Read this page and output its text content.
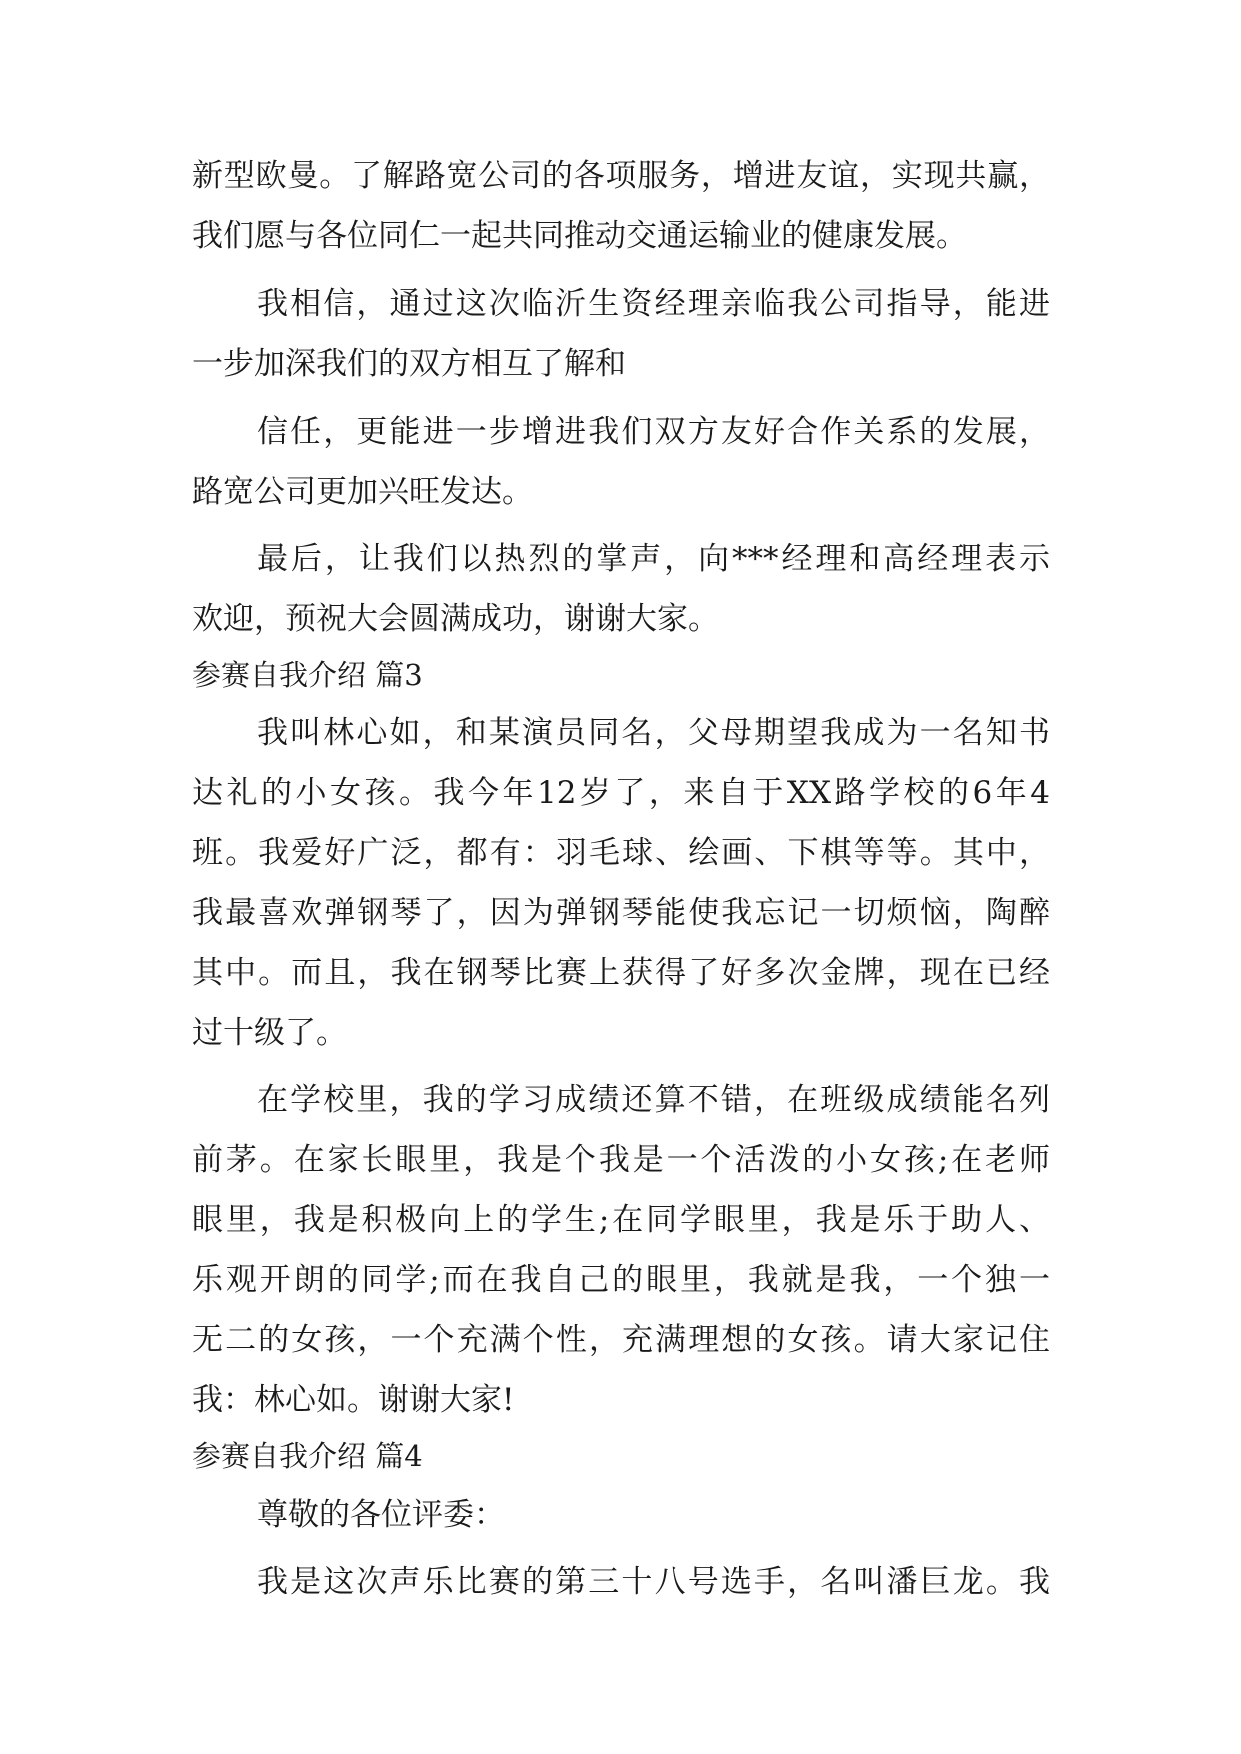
新型欧曼。了解路宽公司的各项服务，增进友谊，实现共赢，

我们愿与各位同仁一起共同推动交通运输业的健康发展。

我相信，通过这次临沂生资经理亲临我公司指导，能进

一步加深我们的双方相互了解和

信任，更能进一步增进我们双方友好合作关系的发展，

路宽公司更加兴旺发达。

最后，让我们以热烈的掌声，向***经理和高经理表示

欢迎，预祝大会圆满成功，谢谢大家。

参赛自我介绍 篇3

我叫林心如，和某演员同名，父母期望我成为一名知书

达礼的小女孩。我今年12岁了，来自于XX路学校的6年4

班。我爱好广泛，都有：羽毛球、绘画、下棋等等。其中，

我最喜欢弹钢琴了，因为弹钢琴能使我忘记一切烦恼，陶醉

其中。而且，我在钢琴比赛上获得了好多次金牌，现在已经

过十级了。

在学校里，我的学习成绩还算不错，在班级成绩能名列

前茅。在家长眼里，我是个我是一个活泼的小女孩;在老师

眼里，我是积极向上的学生;在同学眼里，我是乐于助人、

乐观开朗的同学;而在我自己的眼里，我就是我，一个独一

无二的女孩，一个充满个性，充满理想的女孩。请大家记住

我：林心如。谢谢大家!

参赛自我介绍 篇4

尊敬的各位评委：

我是这次声乐比赛的第三十八号选手，名叫潘巨龙。我
